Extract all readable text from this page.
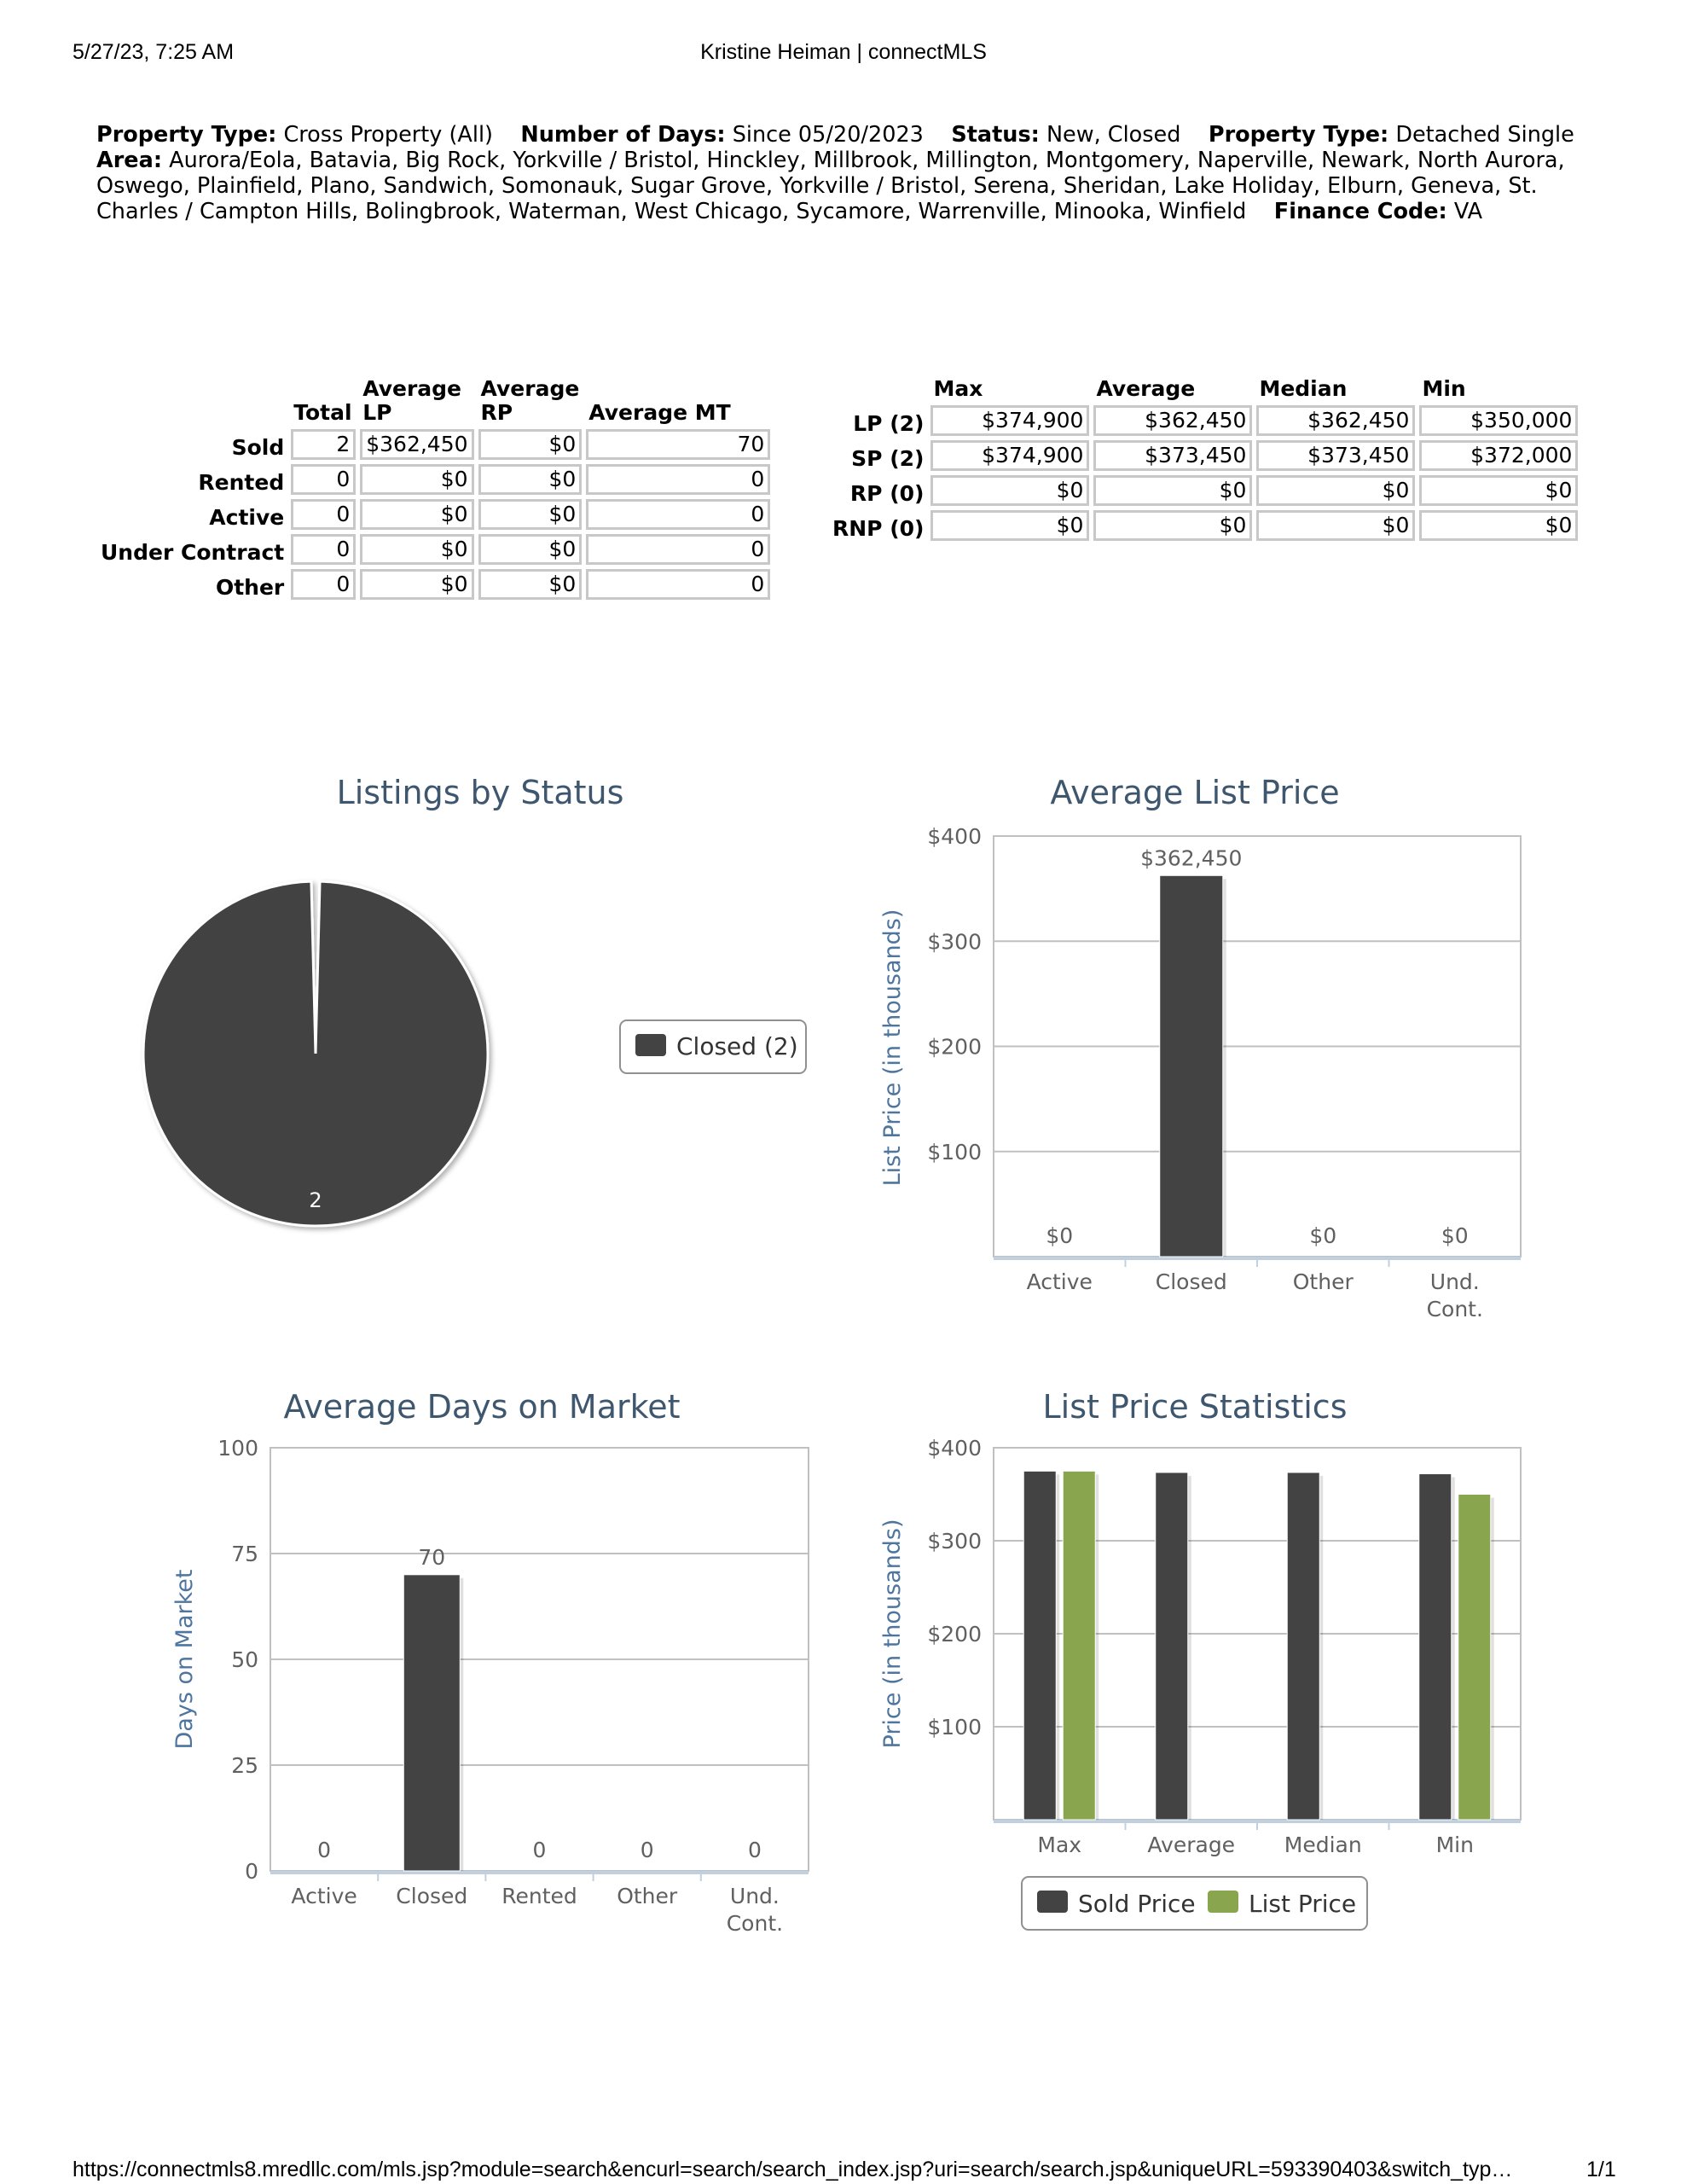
5/27/23, 7:25 AM	Kristine Heiman | connectMLS
Property Type: Cross Property (All) Number of Days: Since 05/20/2023 Status: New, Closed Property Type: Detached Single    Area: Aurora/Eola, Batavia, Big Rock, Yorkville / Bristol, Hinckley, Millbrook, Millington, Montgomery, Naperville, Newark, North Aurora, Oswego, Plainfield, Plano, Sandwich, Somonauk, Sugar Grove, Yorkville / Bristol, Serena, Sheridan, Lake Holiday, Elburn, Geneva, St. Charles / Campton Hills, Bolingbrook, Waterman, West Chicago, Sycamore, Warrenville, Minooka, Winfield Finance Code: VA
	Total	Average LP	Average RP	Average MT
Sold	2	$362,450	$0	70
Rented	0	$0	$0	0
Active	0	$0	$0	0
Under Contract	0	$0	$0	0
Other	0	$0	$0	0
	Max	Average	Median	Min
LP (2)	$374,900	$362,450	$362,450	$350,000
SP (2)	$374,900	$373,450	$373,450	$372,000
RP (0)	$0	$0	$0	$0
RNP (0)	$0	$0	$0	$0
Listings by Status
Closed (2)
2
Average List Price
$100
$200
$300
$400
$0
$362,450
$0	$0
Active	Closed	Other	Und.
Cont.
List Price (in thousands)
Average Days on Market
0
25
50
75
100
0
70
0	0	0
Active Closed Rented Other Und.
Cont.
Days on Market
List Price Statistics
$100
$200
$300
$400
Max	Average Median	Min
Price (in thousands)
Sold Price List Price
https://connectmls8.mredllc.com/mls.jsp?module=search&encurl=search/search_index.jsp?uri=search/search.jsp&uniqueURL=593390403&switch_typ…	1/1
